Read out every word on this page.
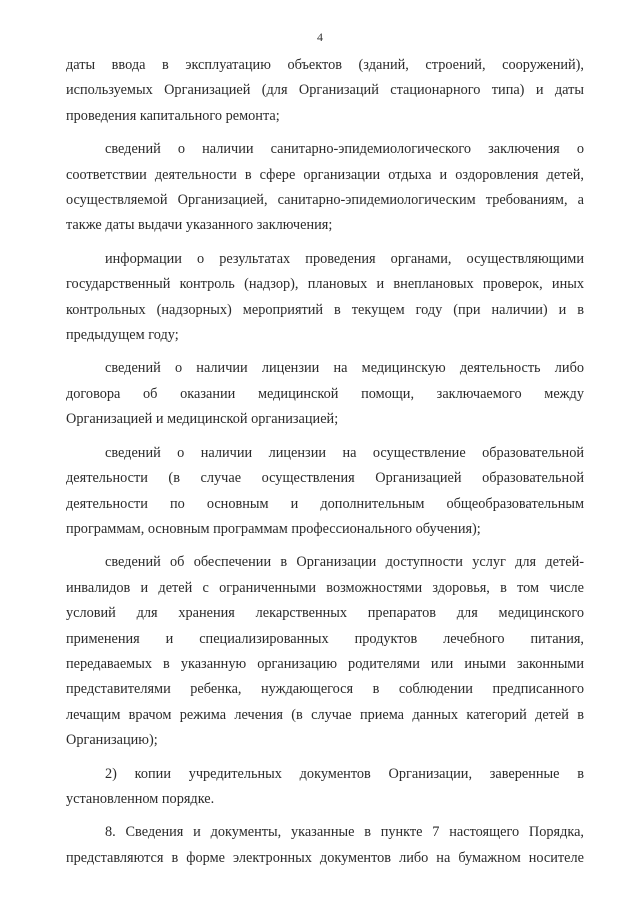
4
даты ввода в эксплуатацию объектов (зданий, строений, сооружений),
используемых Организацией (для Организаций стационарного типа) и даты
проведения капитального ремонта;
сведений о наличии санитарно-эпидемиологического заключения о
соответствии деятельности в сфере организации отдыха и оздоровления детей,
осуществляемой Организацией, санитарно-эпидемиологическим требованиям, а
также даты выдачи указанного заключения;
информации о результатах проведения органами, осуществляющими
государственный контроль (надзор), плановых и внеплановых проверок, иных
контрольных (надзорных) мероприятий в текущем году (при наличии) и в
предыдущем году;
сведений о наличии лицензии на медицинскую деятельность либо
договора об оказании медицинской помощи, заключаемого между
Организацией и медицинской организацией;
сведений о наличии лицензии на осуществление образовательной
деятельности (в случае осуществления Организацией образовательной
деятельности по основным и дополнительным общеобразовательным
программам, основным программам профессионального обучения);
сведений об обеспечении в Организации доступности услуг для детей-
инвалидов и детей с ограниченными возможностями здоровья, в том числе
условий для хранения лекарственных препаратов для медицинского
применения и специализированных продуктов лечебного питания,
передаваемых в указанную организацию родителями или иными законными
представителями ребенка, нуждающегося в соблюдении предписанного
лечащим врачом режима лечения (в случае приема данных категорий детей в
Организацию);
2) копии учредительных документов Организации, заверенные в
установленном порядке.
8. Сведения и документы, указанные в пункте 7 настоящего Порядка,
представляются в форме электронных документов либо на бумажном носителе
